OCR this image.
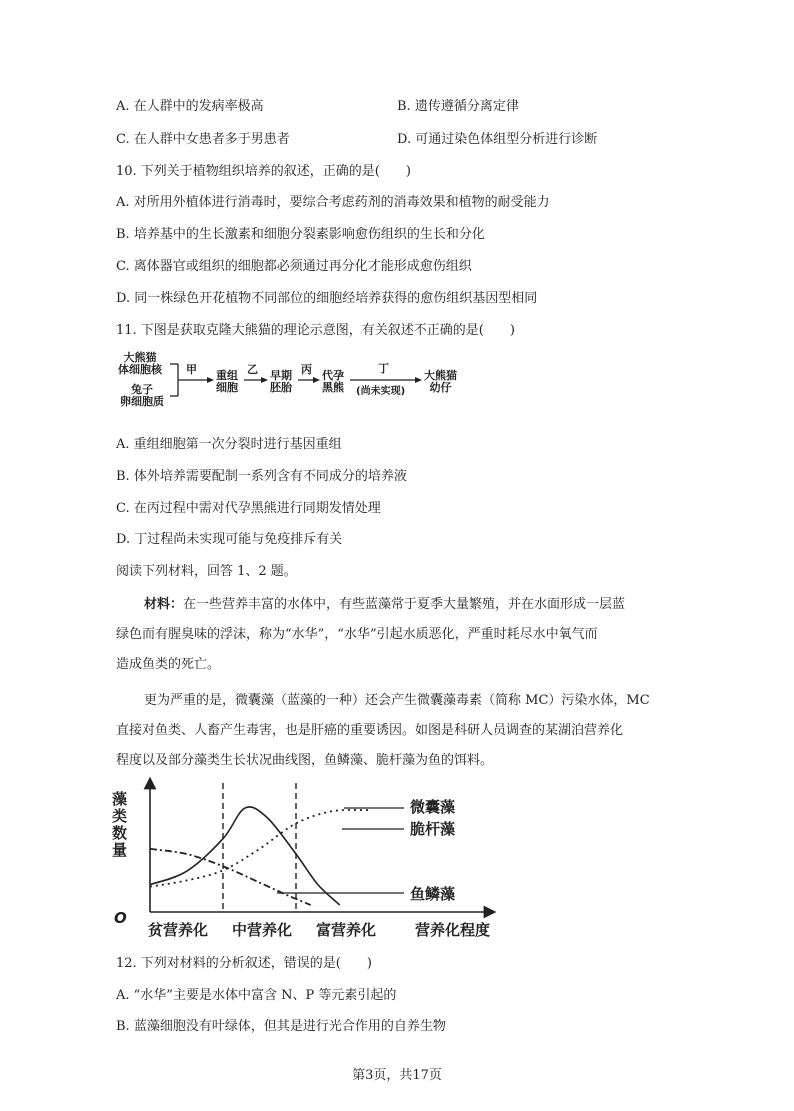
A. 在人群中的发病率极高	B. 遗传遵循分离定律
C. 在人群中女患者多于男患者	D. 可通过染色体组型分析进行诊断
10. 下列关于植物组织培养的叙述，正确的是(　　)
A. 对所用外植体进行消毒时，要综合考虑药剂的消毒效果和植物的耐受能力
B. 培养基中的生长激素和细胞分裂素影响愈伤组织的生长和分化
C. 离体器官或组织的细胞都必须通过再分化才能形成愈伤组织
D. 同一株绿色开花植物不同部位的细胞经培养获得的愈伤组织基因型相同
11. 下图是获取克隆大熊猫的理论示意图，有关叙述不正确的是(　　)
大熊猫
体细胞核
兔子
卵细胞质
甲 重组
细胞
乙 早期
胚胎
丙 代孕
黑熊
丁
(尚未实现)
大熊猫
幼仔
A. 重组细胞第一次分裂时进行基因重组
B. 体外培养需要配制一系列含有不同成分的培养液
C. 在丙过程中需对代孕黑熊进行同期发情处理
D. 丁过程尚未实现可能与免疫排斥有关
阅读下列材料，回答 1、2 题。
材料：在一些营养丰富的水体中，有些蓝藻常于夏季大量繁殖，并在水面形成一层蓝
绿色而有腥臭味的浮沫，称为“水华”，“水华”引起水质恶化，严重时耗尽水中氧气而
造成鱼类的死亡。
更为严重的是，微囊藻（蓝藻的一种）还会产生微囊藻毒素（简称 MC）污染水体，MC
直接对鱼类、人畜产生毒害，也是肝癌的重要诱因。如图是科研人员调查的某湖泊营养化
程度以及部分藻类生长状况曲线图，鱼鳞藻、脆杆藻为鱼的饵料。
藻类数量
O
贫营养化 中营养化 富营养化	营养化程度
微囊藻
脆杆藻
鱼鳞藻
12. 下列对材料的分析叙述，错误的是(　　)
A. “水华”主要是水体中富含 N、P 等元素引起的
B. 蓝藻细胞没有叶绿体，但其是进行光合作用的自养生物
第3页，共17页
